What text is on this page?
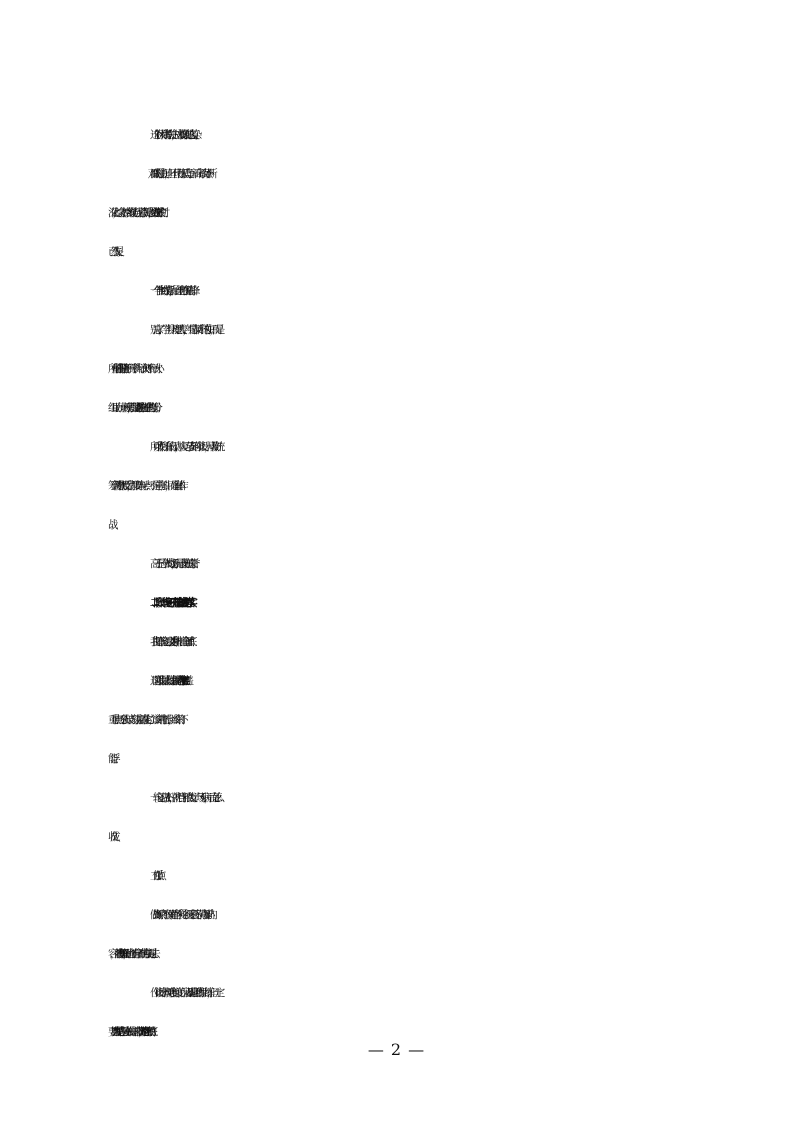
这个时代对高考的关注，从来没像现在这么复杂。
“双减”压的是负担，但不代表压低竞争；新高考改革不断
深化，综合素养、多维能力成了考点新常态，传统“题海式应付”
已然失灵。
一个学生的成绩背后，是一组老师在并肩冲锋。
别忘了，学生升入理想大学，不是靠某一科的独好，而是
所有科目的“不掉链子”。每一门学科、每一次测评、每一次小
组互助、每一场模考，都是这场“系统性托举工程”的一部分。
所以我们所有的行动，从复习节奏到作业设计，从教研统
筹到测数据反馈，都要体现一点：不是单打独斗，而是集体作
战。
高三不是一个人的战场，而是一支队伍的荣誉。
二、阶段一：一轮复习——夯基础、控进度、盯落实
我把第一轮复习定义为：“分科打桩、全面铺底”。
这阶段我们最大的使命就是两个字：**扎实。**教材覆盖、
重难点逐个击破、易错点精准定位，该讲的不能少，该练的不
能浮。
一轮复习做不好，就相当于粮食发了一场芽病，后面怎么
收成？
工作重点：
做到“知识点不留死角”。各学科必须逐章逐节清点基础内
容，不能有“冷知识”死角，也不能有拿不准的点糊弄过去。
作业设计体现难度梯度。保留基础题熟练性训练，但一定
要加入“典型错题巩固+欠缺知识补救策略”，避免“一练到底”的
— 2 —
